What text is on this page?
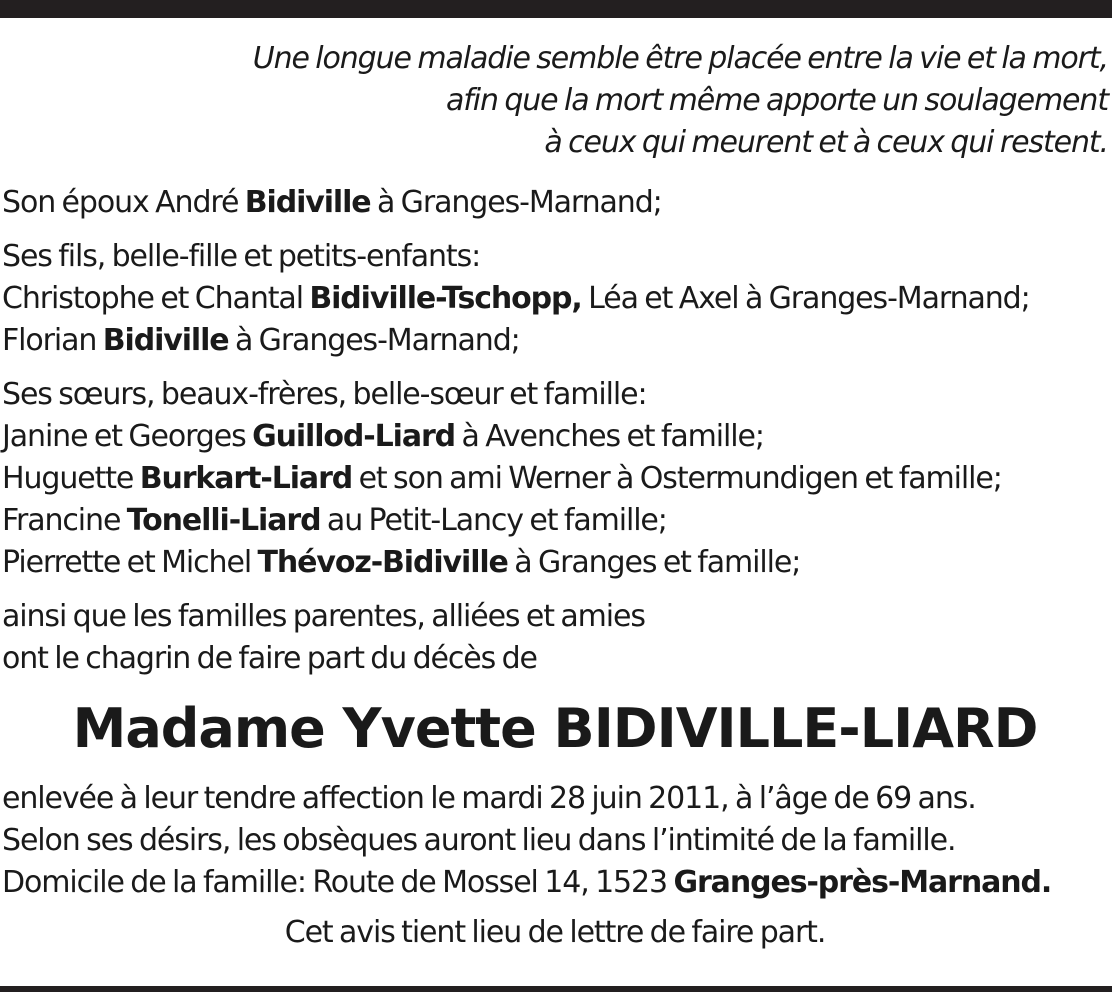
Une longue maladie semble être placée entre la vie et la mort,
afin que la mort même apporte un soulagement
à ceux qui meurent et à ceux qui restent.
Son époux André Bidiville à Granges-Marnand;
Ses fils, belle-fille et petits-enfants:
Christophe et Chantal Bidiville-Tschopp, Léa et Axel à Granges-Marnand;
Florian Bidiville à Granges-Marnand;
Ses sœurs, beaux-frères, belle-sœur et famille:
Janine et Georges Guillod-Liard à Avenches et famille;
Huguette Burkart-Liard et son ami Werner à Ostermundigen et famille;
Francine Tonelli-Liard au Petit-Lancy et famille;
Pierrette et Michel Thévoz-Bidiville à Granges et famille;
ainsi que les familles parentes, alliées et amies
ont le chagrin de faire part du décès de
Madame Yvette BIDIVILLE-LIARD
enlevée à leur tendre affection le mardi 28 juin 2011, à l’âge de 69 ans.
Selon ses désirs, les obsèques auront lieu dans l’intimité de la famille.
Domicile de la famille: Route de Mossel 14, 1523 Granges-près-Marnand.
Cet avis tient lieu de lettre de faire part.
